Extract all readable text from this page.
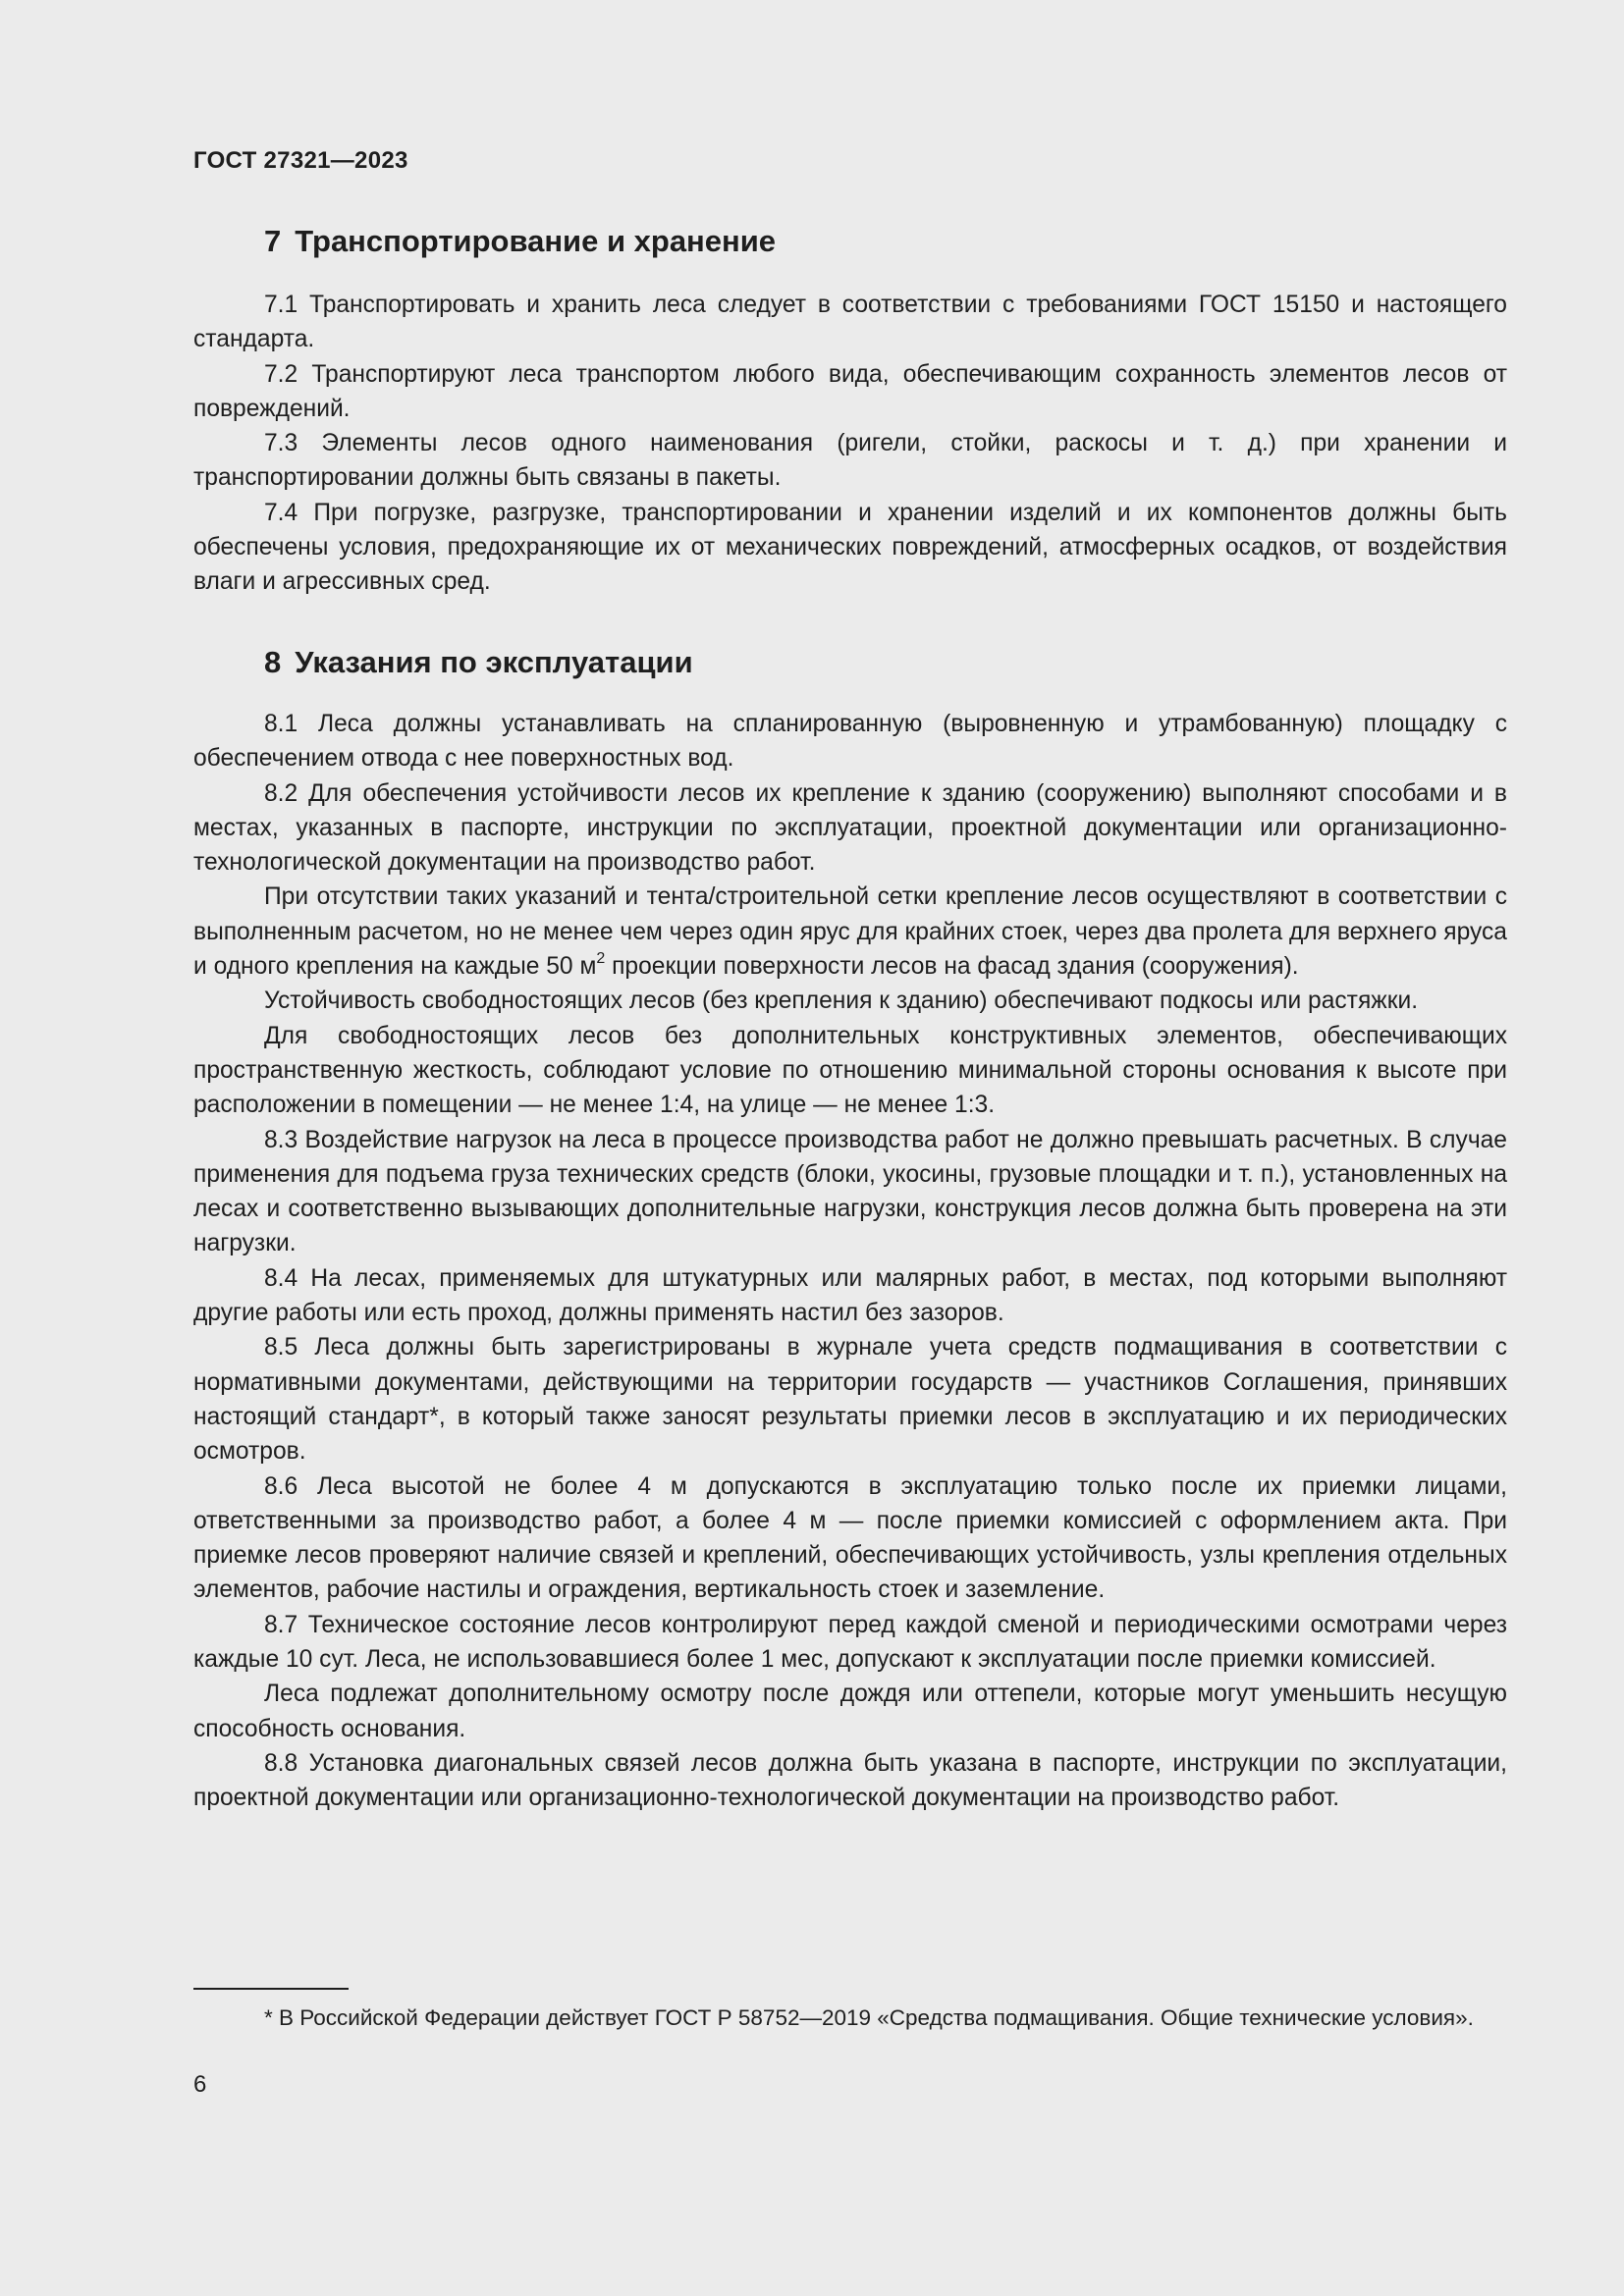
ГОСТ 27321—2023
7 Транспортирование и хранение

7.1 Транспортировать и хранить леса следует в соответствии с требованиями ГОСТ 15150 и настоящего стандарта.

7.2 Транспортируют леса транспортом любого вида, обеспечивающим сохранность элементов лесов от повреждений.

7.3 Элементы лесов одного наименования (ригели, стойки, раскосы и т. д.) при хранении и транспортировании должны быть связаны в пакеты.

7.4 При погрузке, разгрузке, транспортировании и хранении изделий и их компонентов должны быть обеспечены условия, предохраняющие их от механических повреждений, атмосферных осадков, от воздействия влаги и агрессивных сред.

8 Указания по эксплуатации

8.1 Леса должны устанавливать на спланированную (выровненную и утрамбованную) площадку с обеспечением отвода с нее поверхностных вод.

8.2 Для обеспечения устойчивости лесов их крепление к зданию (сооружению) выполняют способами и в местах, указанных в паспорте, инструкции по эксплуатации, проектной документации или организационно-технологической документации на производство работ.

При отсутствии таких указаний и тента/строительной сетки крепление лесов осуществляют в соответствии с выполненным расчетом, но не менее чем через один ярус для крайних стоек, через два пролета для верхнего яруса и одного крепления на каждые 50 $м^2$ проекции поверхности лесов на фасад здания (сооружения).

Устойчивость свободностоящих лесов (без крепления к зданию) обеспечивают подкосы или растяжки.

Для свободностоящих лесов без дополнительных конструктивных элементов, обеспечивающих пространственную жесткость, соблюдают условие по отношению минимальной стороны основания к высоте при расположении в помещении — не менее 1:4, на улице — не менее 1:3.

8.3 Воздействие нагрузок на леса в процессе производства работ не должно превышать расчетных. В случае применения для подъема груза технических средств (блоки, укосины, грузовые площадки и т. п.), установленных на лесах и соответственно вызывающих дополнительные нагрузки, конструкция лесов должна быть проверена на эти нагрузки.

8.4 На лесах, применяемых для штукатурных или малярных работ, в местах, под которыми выполняют другие работы или есть проход, должны применять настил без зазоров.

8.5 Леса должны быть зарегистрированы в журнале учета средств подмащивания в соответствии с нормативными документами, действующими на территории государств — участников Соглашения, принявших настоящий стандарт*, в который также заносят результаты приемки лесов в эксплуатацию и их периодических осмотров.

8.6 Леса высотой не более 4 м допускаются в эксплуатацию только после их приемки лицами, ответственными за производство работ, а более 4 м — после приемки комиссией с оформлением акта. При приемке лесов проверяют наличие связей и креплений, обеспечивающих устойчивость, узлы крепления отдельных элементов, рабочие настилы и ограждения, вертикальность стоек и заземление.

8.7 Техническое состояние лесов контролируют перед каждой сменой и периодическими осмотрами через каждые 10 сут. Леса, не использовавшиеся более 1 мес, допускают к эксплуатации после приемки комиссией.

Леса подлежат дополнительному осмотру после дождя или оттепели, которые могут уменьшить несущую способность основания.

8.8 Установка диагональных связей лесов должна быть указана в паспорте, инструкции по эксплуатации, проектной документации или организационно-технологической документации на производство работ.

* В Российской Федерации действует ГОСТ Р 58752—2019 «Средства подмащивания. Общие технические условия».

6
